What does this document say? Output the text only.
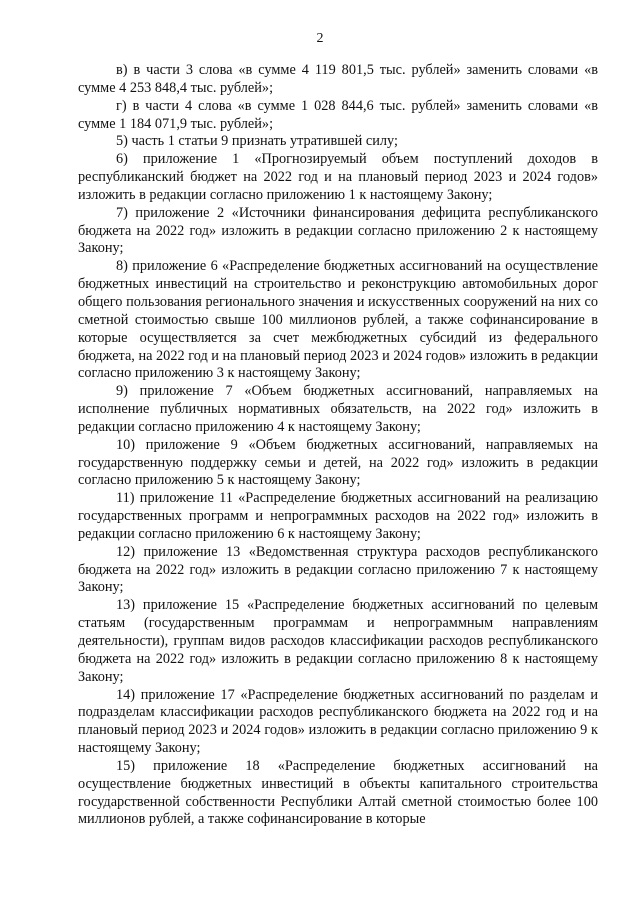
2

в) в части 3 слова «в сумме 4 119 801,5 тыс. рублей» заменить словами «в сумме 4 253 848,4 тыс. рублей»;

г) в части 4 слова «в сумме 1 028 844,6 тыс. рублей» заменить словами «в сумме 1 184 071,9 тыс. рублей»;

5) часть 1 статьи 9 признать утратившей силу;

6) приложение 1 «Прогнозируемый объем поступлений доходов в республиканский бюджет на 2022 год и на плановый период 2023 и 2024 годов» изложить в редакции согласно приложению 1 к настоящему Закону;

7) приложение 2 «Источники финансирования дефицита республиканского бюджета на 2022 год» изложить в редакции согласно приложению 2 к настоящему Закону;

8) приложение 6 «Распределение бюджетных ассигнований на осуществление бюджетных инвестиций на строительство и реконструкцию автомобильных дорог общего пользования регионального значения и искусственных сооружений на них со сметной стоимостью свыше 100 миллионов рублей, а также софинансирование в которые осуществляется за счет межбюджетных субсидий из федерального бюджета, на 2022 год и на плановый период 2023 и 2024 годов» изложить в редакции согласно приложению 3 к настоящему Закону;

9) приложение 7 «Объем бюджетных ассигнований, направляемых на исполнение публичных нормативных обязательств, на 2022 год» изложить в редакции согласно приложению 4 к настоящему Закону;

10) приложение 9 «Объем бюджетных ассигнований, направляемых на государственную поддержку семьи и детей, на 2022 год» изложить в редакции согласно приложению 5 к настоящему Закону;

11) приложение 11 «Распределение бюджетных ассигнований на реализацию государственных программ и непрограммных расходов на 2022 год» изложить в редакции согласно приложению 6 к настоящему Закону;

12) приложение 13 «Ведомственная структура расходов республиканского бюджета на 2022 год» изложить в редакции согласно приложению 7 к настоящему Закону;

13) приложение 15 «Распределение бюджетных ассигнований по целевым статьям (государственным программам и непрограммным направлениям деятельности), группам видов расходов классификации расходов республиканского бюджета на 2022 год» изложить в редакции согласно приложению 8 к настоящему Закону;

14) приложение 17 «Распределение бюджетных ассигнований по разделам и подразделам классификации расходов республиканского бюджета на 2022 год и на плановый период 2023 и 2024 годов» изложить в редакции согласно приложению 9 к настоящему Закону;

15) приложение 18 «Распределение бюджетных ассигнований на осуществление бюджетных инвестиций в объекты капитального строительства государственной собственности Республики Алтай сметной стоимостью более 100 миллионов рублей, а также софинансирование в которые
